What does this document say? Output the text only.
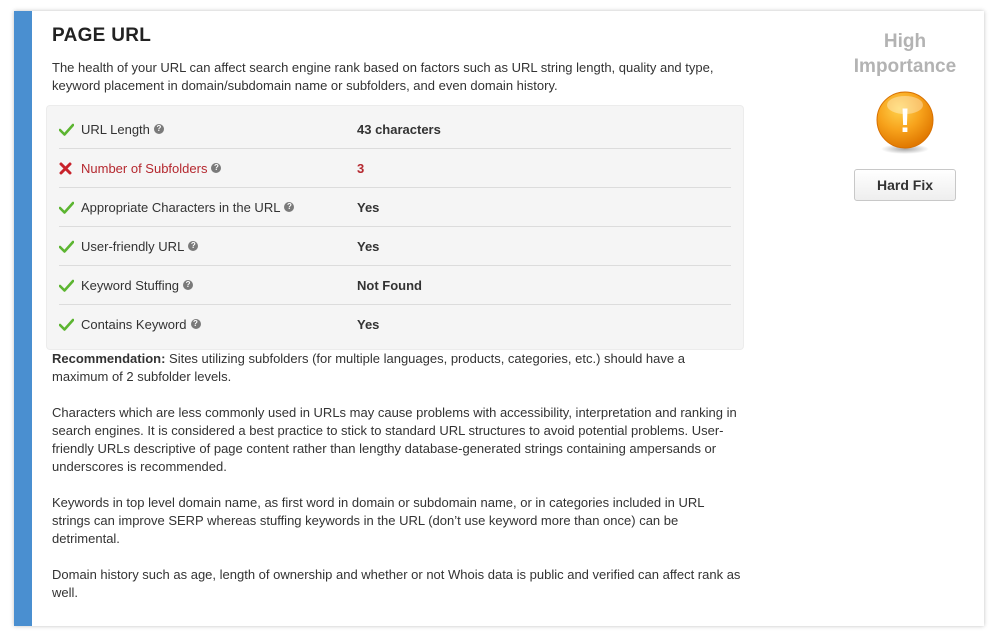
PAGE URL

The health of your URL can affect search engine rank based on factors such as URL string length, quality and type, keyword placement in domain/subdomain name or subfolders, and even domain history.

URL Length ?	43 characters
Number of Subfolders ?	3
Appropriate Characters in the URL ?	Yes
User-friendly URL ?	Yes
Keyword Stuffing ?	Not Found
Contains Keyword ?	Yes

Recommendation: Sites utilizing subfolders (for multiple languages, products, categories, etc.) should have a maximum of 2 subfolder levels.

Characters which are less commonly used in URLs may cause problems with accessibility, interpretation and ranking in search engines. It is considered a best practice to stick to standard URL structures to avoid potential problems. User-friendly URLs descriptive of page content rather than lengthy database-generated strings containing ampersands or underscores is recommended.

Keywords in top level domain name, as first word in domain or subdomain name, or in categories included in URL strings can improve SERP whereas stuffing keywords in the URL (don’t use keyword more than once) can be detrimental.

Domain history such as age, length of ownership and whether or not Whois data is public and verified can affect rank as well.

High
Importance
!
Hard Fix
